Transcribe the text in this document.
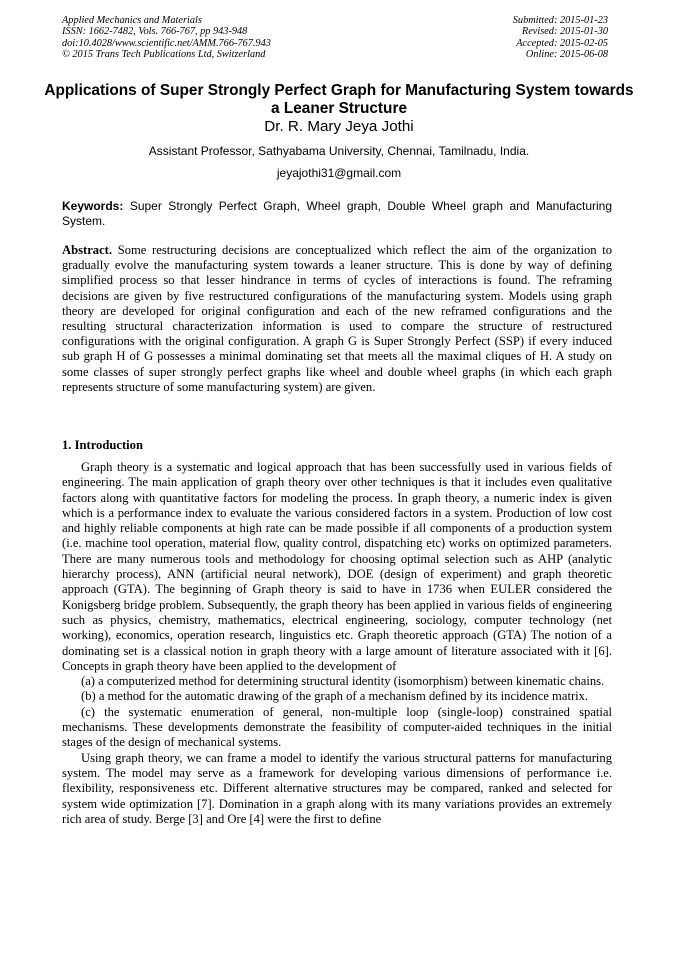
Applied Mechanics and Materials
ISSN: 1662-7482, Vols. 766-767, pp 943-948
doi:10.4028/www.scientific.net/AMM.766-767.943
© 2015 Trans Tech Publications Ltd, Switzerland
Submitted: 2015-01-23
Revised: 2015-01-30
Accepted: 2015-02-05
Online: 2015-06-08
Applications of Super Strongly Perfect Graph for Manufacturing System towards a Leaner Structure
Dr. R. Mary Jeya Jothi
Assistant Professor, Sathyabama University, Chennai, Tamilnadu, India.
jeyajothi31@gmail.com
Keywords: Super Strongly Perfect Graph, Wheel graph, Double Wheel graph and Manufacturing System.
Abstract. Some restructuring decisions are conceptualized which reflect the aim of the organization to gradually evolve the manufacturing system towards a leaner structure. This is done by way of defining simplified process so that lesser hindrance in terms of cycles of interactions is found. The reframing decisions are given by five restructured configurations of the manufacturing system. Models using graph theory are developed for original configuration and each of the new reframed configurations and the resulting structural characterization information is used to compare the structure of restructured configurations with the original configuration. A graph G is Super Strongly Perfect (SSP) if every induced sub graph H of G possesses a minimal dominating set that meets all the maximal cliques of H. A study on some classes of super strongly perfect graphs like wheel and double wheel graphs (in which each graph represents structure of some manufacturing system) are given.
1. Introduction

Graph theory is a systematic and logical approach that has been successfully used in various fields of engineering. The main application of graph theory over other techniques is that it includes even qualitative factors along with quantitative factors for modeling the process. In graph theory, a numeric index is given which is a performance index to evaluate the various considered factors in a system. Production of low cost and highly reliable components at high rate can be made possible if all components of a production system (i.e. machine tool operation, material flow, quality control, dispatching etc) works on optimized parameters. There are many numerous tools and methodology for choosing optimal selection such as AHP (analytic hierarchy process), ANN (artificial neural network), DOE (design of experiment) and graph theoretic approach (GTA). The beginning of Graph theory is said to have in 1736 when EULER considered the Konigsberg bridge problem. Subsequently, the graph theory has been applied in various fields of engineering such as physics, chemistry, mathematics, electrical engineering, sociology, computer technology (net working), economics, operation research, linguistics etc. Graph theoretic approach (GTA) The notion of a dominating set is a classical notion in graph theory with a large amount of literature associated with it [6]. Concepts in graph theory have been applied to the development of

(a) a computerized method for determining structural identity (isomorphism) between kinematic chains.

(b) a method for the automatic drawing of the graph of a mechanism defined by its incidence matrix.

(c) the systematic enumeration of general, non-multiple loop (single-loop) constrained spatial mechanisms. These developments demonstrate the feasibility of computer-aided techniques in the initial stages of the design of mechanical systems.

Using graph theory, we can frame a model to identify the various structural patterns for manufacturing system. The model may serve as a framework for developing various dimensions of performance i.e. flexibility, responsiveness etc. Different alternative structures may be compared, ranked and selected for system wide optimization [7]. Domination in a graph along with its many variations provides an extremely rich area of study. Berge [3] and Ore [4] were the first to define
